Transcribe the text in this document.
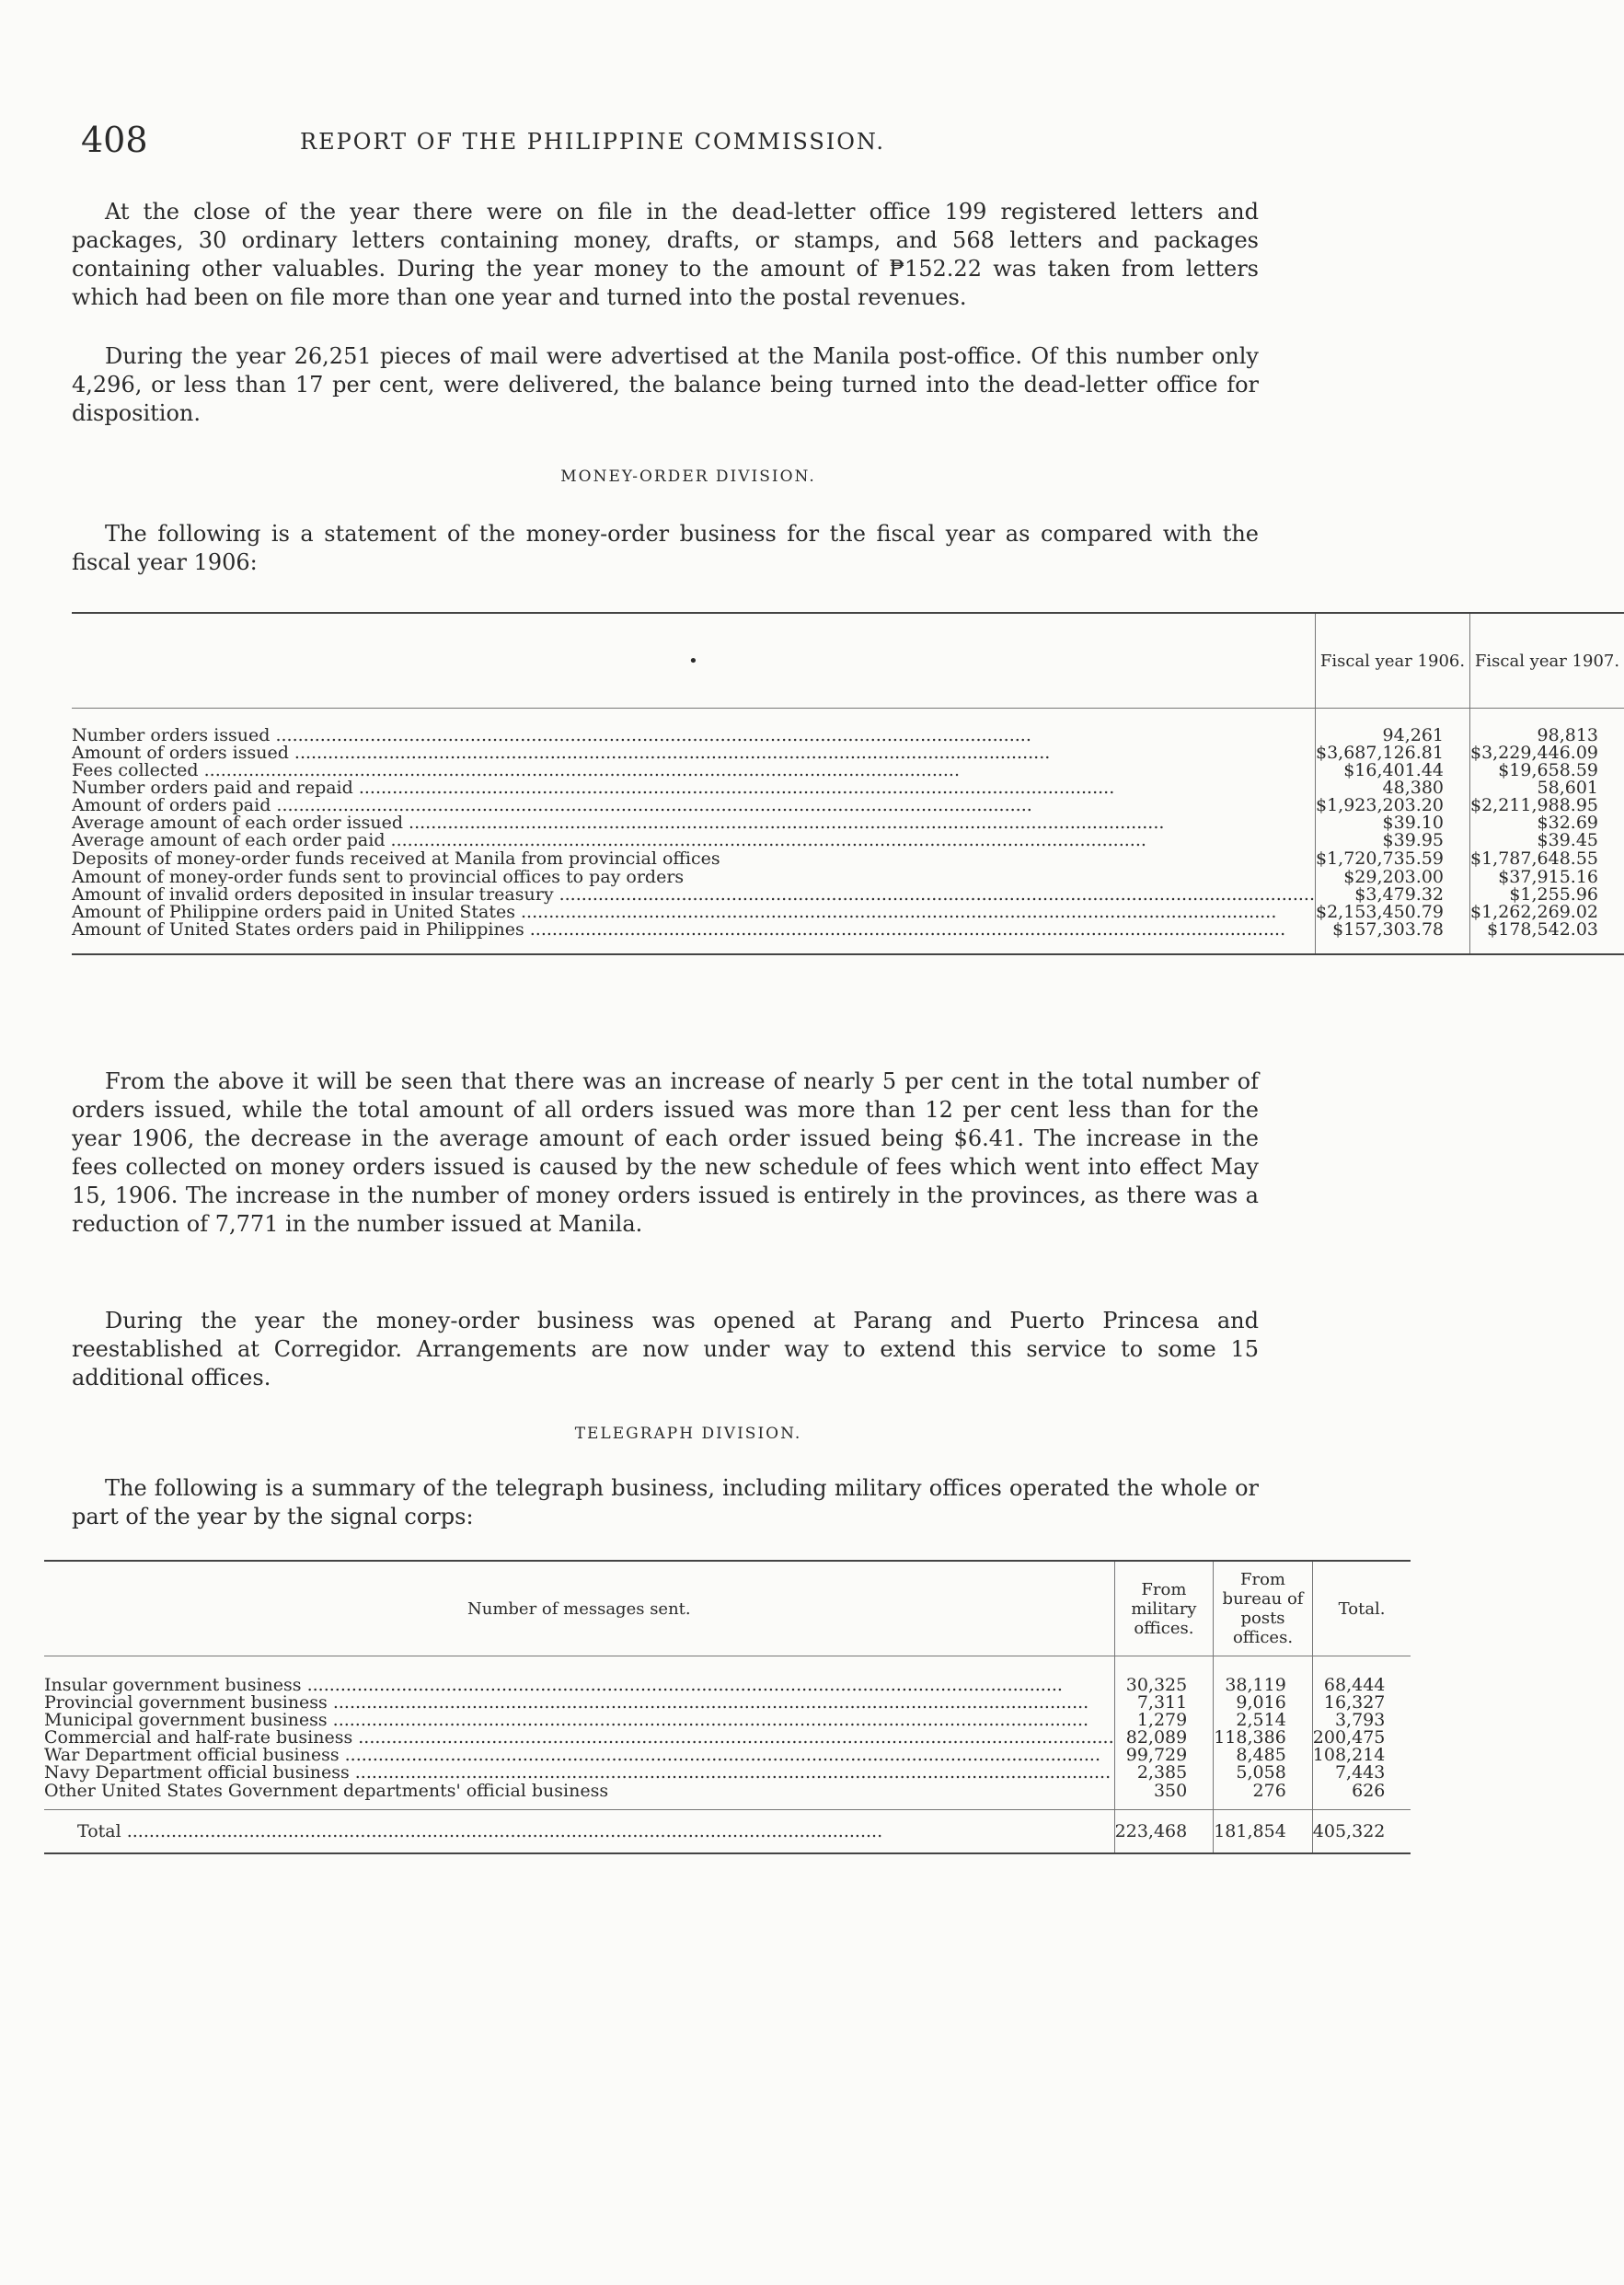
408	REPORT OF THE PHILIPPINE COMMISSION.

At the close of the year there were on file in the dead-letter office 199 registered letters and packages, 30 ordinary letters containing money, drafts, or stamps, and 568 letters and packages containing other valuables. During the year money to the amount of ₱152.22 was taken from letters which had been on file more than one year and turned into the postal revenues.

During the year 26,251 pieces of mail were advertised at the Manila post-office. Of this number only 4,296, or less than 17 per cent, were delivered, the balance being turned into the dead-letter office for disposition.

MONEY-ORDER DIVISION.

The following is a statement of the money-order business for the fiscal year as compared with the fiscal year 1906:

•	Fiscal year 1906.	Fiscal year 1907.

Number orders issued .....	94,261	98,813

Amount of orders issued .....	$3,687,126.81	$3,229,446.09

Fees collected .....	$16,401.44	$19,658.59

Number orders paid and repaid .....	48,380	58,601

Amount of orders paid .....	$1,923,203.20	$2,211,988.95

Average amount of each order issued .....	$39.10	$32.69

Average amount of each order paid .....	$39.95	$39.45

Deposits of money-order funds received at Manila from provincial offices	$1,720,735.59	$1,787,648.55

Amount of money-order funds sent to provincial offices to pay orders	$29,203.00	$37,915.16

Amount of invalid orders deposited in insular treasury .....	$3,479.32	$1,255.96

Amount of Philippine orders paid in United States .....	$2,153,450.79	$1,262,269.02

Amount of United States orders paid in Philippines .....	$157,303.78	$178,542.03

From the above it will be seen that there was an increase of nearly 5 per cent in the total number of orders issued, while the total amount of all orders issued was more than 12 per cent less than for the year 1906, the decrease in the average amount of each order issued being $6.41. The increase in the fees collected on money orders issued is caused by the new schedule of fees which went into effect May 15, 1906. The increase in the number of money orders issued is entirely in the provinces, as there was a reduction of 7,771 in the number issued at Manila.

During the year the money-order business was opened at Parang and Puerto Princesa and reestablished at Corregidor. Arrangements are now under way to extend this service to some 15 additional offices.

TELEGRAPH DIVISION.

The following is a summary of the telegraph business, including military offices operated the whole or part of the year by the signal corps:

Number of messages sent.	From military offices.	From bureau of posts offices.	Total.

Insular government business .....	30,325	38,119	68,444

Provincial government business .....	7,311	9,016	16,327

Municipal government business .....	1,279	2,514	3,793

Commercial and half-rate business .....	82,089	118,386	200,475

War Department official business .....	99,729	8,485	108,214

Navy Department official business .....	2,385	5,058	7,443

Other United States Government departments' official business	350	276	626

Total .....	223,468	181,854	405,322
